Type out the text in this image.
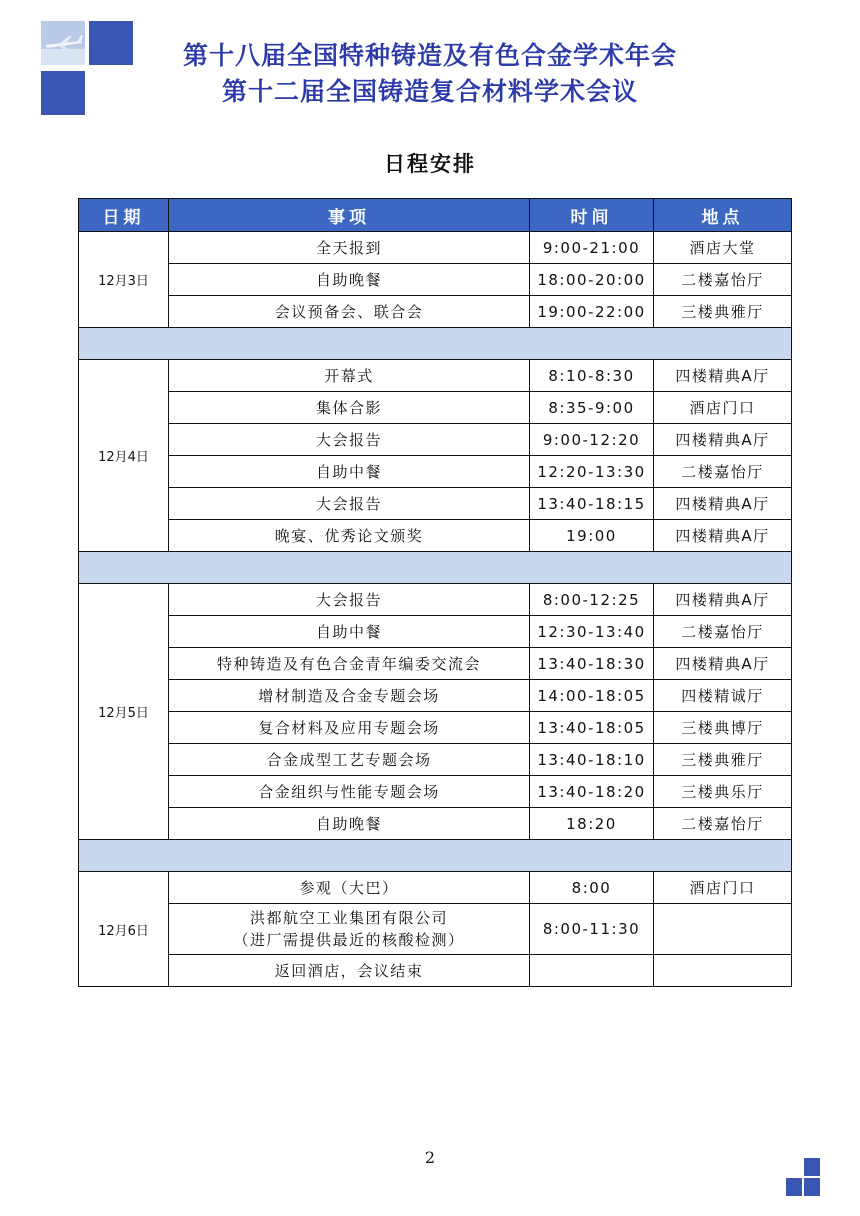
第十八届全国特种铸造及有色合金学术年会
第十二届全国铸造复合材料学术会议
日程安排
日期	事项	时间	地点
12月3日	全天报到	9:00-21:00	酒店大堂
	自助晚餐	18:00-20:00	二楼嘉怡厅
	会议预备会、联合会	19:00-22:00	三楼典雅厅

12月4日	开幕式	8:10-8:30	四楼精典A厅
	集体合影	8:35-9:00	酒店门口
	大会报告	9:00-12:20	四楼精典A厅
	自助中餐	12:20-13:30	二楼嘉怡厅
	大会报告	13:40-18:15	四楼精典A厅
	晚宴、优秀论文颁奖	19:00	四楼精典A厅

12月5日	大会报告	8:00-12:25	四楼精典A厅
	自助中餐	12:30-13:40	二楼嘉怡厅
	特种铸造及有色合金青年编委交流会	13:40-18:30	四楼精典A厅
	增材制造及合金专题会场	14:00-18:05	四楼精诚厅
	复合材料及应用专题会场	13:40-18:05	三楼典博厅
	合金成型工艺专题会场	13:40-18:10	三楼典雅厅
	合金组织与性能专题会场	13:40-18:20	三楼典乐厅
	自助晚餐	18:20	二楼嘉怡厅

12月6日	参观（大巴）	8:00	酒店门口

	洪都航空工业集团有限公司
（进厂需提供最近的核酸检测）	8:00-11:30	
	返回酒店，会议结束		
2
